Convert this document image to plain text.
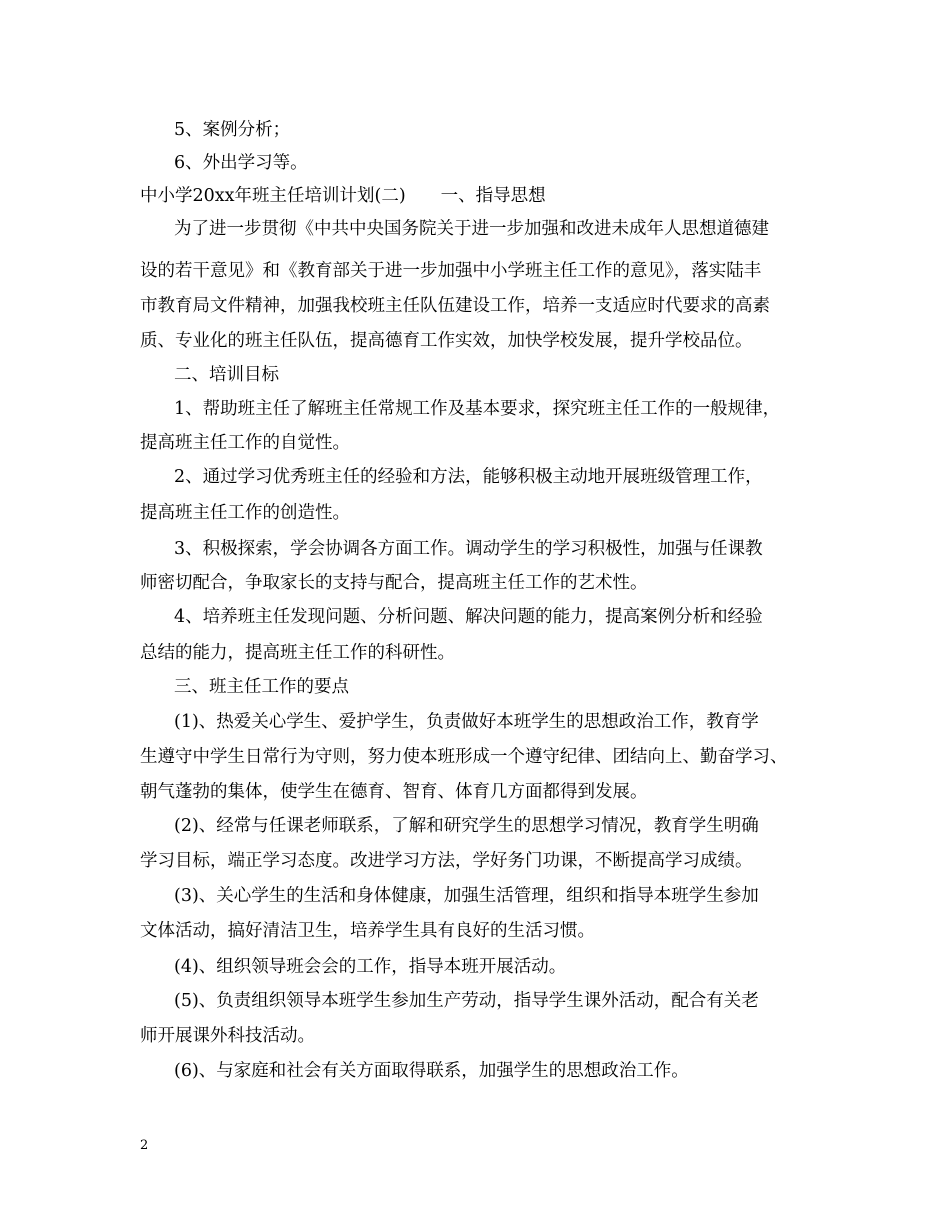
5、案例分析；
6、外出学习等。
中小学20xx年班主任培训计划(二)　　一、指导思想
为了进一步贯彻《中共中央国务院关于进一步加强和改进未成年人思想道德建
设的若干意见》和《教育部关于进一步加强中小学班主任工作的意见》，落实陆丰
市教育局文件精神，加强我校班主任队伍建设工作，培养一支适应时代要求的高素
质、专业化的班主任队伍，提高德育工作实效，加快学校发展，提升学校品位。
二、培训目标
1、帮助班主任了解班主任常规工作及基本要求，探究班主任工作的一般规律，
提高班主任工作的自觉性。
2、通过学习优秀班主任的经验和方法，能够积极主动地开展班级管理工作，
提高班主任工作的创造性。
3、积极探索，学会协调各方面工作。调动学生的学习积极性，加强与任课教
师密切配合，争取家长的支持与配合，提高班主任工作的艺术性。
4、培养班主任发现问题、分析问题、解决问题的能力，提高案例分析和经验
总结的能力，提高班主任工作的科研性。
三、班主任工作的要点
(1)、热爱关心学生、爱护学生，负责做好本班学生的思想政治工作，教育学
生遵守中学生日常行为守则，努力使本班形成一个遵守纪律、团结向上、勤奋学习、
朝气蓬勃的集体，使学生在德育、智育、体育几方面都得到发展。
(2)、经常与任课老师联系，了解和研究学生的思想学习情况，教育学生明确
学习目标，端正学习态度。改进学习方法，学好务门功课，不断提高学习成绩。
(3)、关心学生的生活和身体健康，加强生活管理，组织和指导本班学生参加
文体活动，搞好清洁卫生，培养学生具有良好的生活习惯。
(4)、组织领导班会会的工作，指导本班开展活动。
(5)、负责组织领导本班学生参加生产劳动，指导学生课外活动，配合有关老
师开展课外科技活动。
(6)、与家庭和社会有关方面取得联系，加强学生的思想政治工作。
2
